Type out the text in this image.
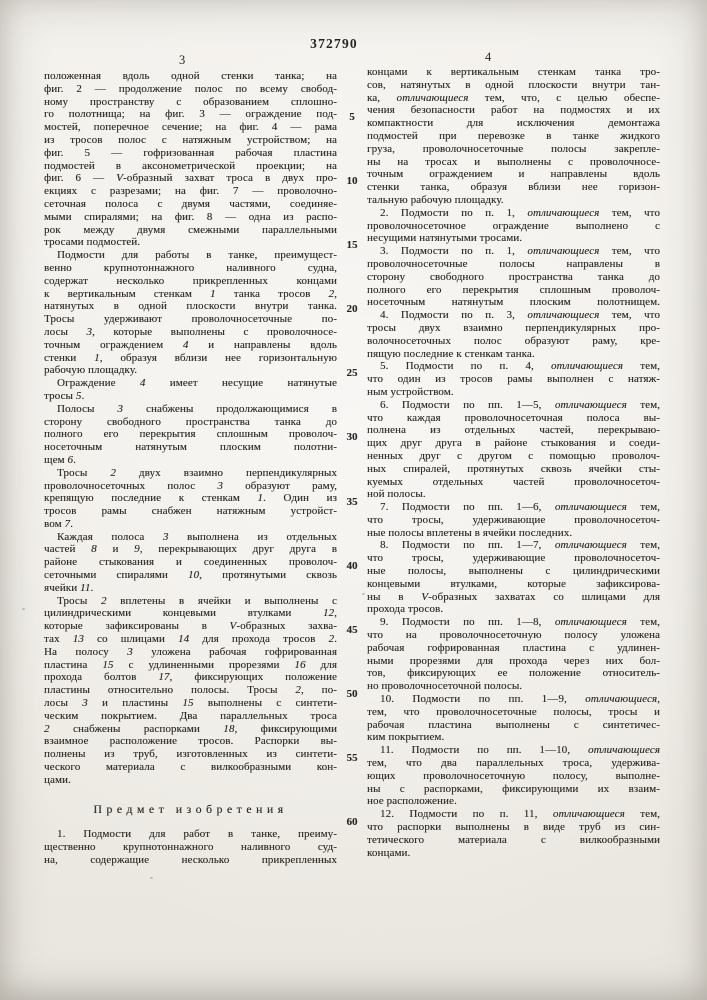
372790
3	4
положенная вдоль одной стенки танка; на
фиг. 2 — продолжение полос по всему свобод-
ному пространству с образованием сплошно-
го полотнища; на фиг. 3 — ограждение под-
мостей, поперечное сечение; на фиг. 4 — рама
из тросов полос с натяжным устройством; на
фиг. 5 — гофризованная рабочая пластина
подмостей в аксонометрической проекции; на
фиг. 6 — V-образный захват троса в двух про-
екциях с разрезами; на фиг. 7 — проволочно-
сеточная полоса с двумя частями, соединяе-
мыми спиралями; на фиг. 8 — одна из распо-
рок между двумя смежными параллельными
тросами подмостей.
Подмости для работы в танке, преимущест-
венно крупнотоннажного наливного судна,
содержат несколько прикрепленных концами
к вертикальным стенкам 1 танка тросов 2,
натянутых в одной плоскости внутри танка.
Тросы удерживают проволочносеточные по-
лосы 3, которые выполнены с проволочносе-
точным ограждением 4 и направлены вдоль
стенки 1, образуя вблизи нее горизонтальную
рабочую площадку.
Ограждение 4 имеет несущие натянутые
тросы 5.
Полосы 3 снабжены продолжающимися в
сторону свободного пространства танка до
полного его перекрытия сплошным проволоч-
носеточным натянутым плоским полотни-
щем 6.
Тросы 2 двух взаимно перпендикулярных
проволочносеточных полос 3 образуют раму,
крепящую последние к стенкам 1. Один из
тросов рамы снабжен натяжным устройст-
вом 7.
Каждая полоса 3 выполнена из отдельных
частей 8 и 9, перекрывающих друг друга в
районе стыкования и соединенных проволоч-
сеточными спиралями 10, протянутыми сквозь
ячейки 11.
Тросы 2 вплетены в ячейки и выполнены с
цилиндрическими концевыми втулками 12,
которые зафиксированы в V-образных захва-
тах 13 со шлицами 14 для прохода тросов 2.
На полосу 3 уложена рабочая гофрированная
пластина 15 с удлиненными прорезями 16 для
прохода болтов 17, фиксирующих положение
пластины относительно полосы. Тросы 2, по-
лосы 3 и пластины 15 выполнены с синтети-
ческим покрытием. Два параллельных троса
2 снабжены распорками 18, фиксирующими
взаимное расположение тросов. Распорки вы-
полнены из труб, изготовленных из синтети-
ческого материала с вилкообразными кон-
цами.
Предмет изобретения
1. Подмости для работ в танке, преиму-
щественно крупнотоннажного наливного суд-
на, содержащие несколько прикрепленных
концами к вертикальным стенкам танка тро-
сов, натянутых в одной плоскости внутри тан-
ка, отличающиеся тем, что, с целью обеспе-
чения безопасности работ на подмостях и их
компактности для исключения демонтажа
подмостей при перевозке в танке жидкого
груза, проволочносеточные полосы закрепле-
ны на тросах и выполнены с проволочносе-
точным ограждением и направлены вдоль
стенки танка, образуя вблизи нее горизон-
тальную рабочую площадку.
2. Подмости по п. 1, отличающиеся тем, что
проволочносеточное ограждение выполнено с
несущими натянутыми тросами.
3. Подмости по п. 1, отличающиеся тем, что
проволочносеточные полосы направлены в
сторону свободного пространства танка до
полного его перекрытия сплошным проволоч-
носеточным натянутым плоским полотнищем.
4. Подмости по п. 3, отличающиеся тем, что
тросы двух взаимно перпендикулярных про-
волочносеточных полос образуют раму, кре-
пящую последние к стенкам танка.
5. Подмости по п. 4, отличающиеся тем,
что один из тросов рамы выполнен с натяж-
ным устройством.
6. Подмости по пп. 1—5, отличающиеся тем,
что каждая проволочносеточная полоса вы-
полнена из отдельных частей, перекрываю-
щих друг друга в районе стыкования и соеди-
ненных друг с другом с помощью проволоч-
ных спиралей, протянутых сквозь ячейки сты-
куемых отдельных частей проволочносеточ-
ной полосы.
7. Подмости по пп. 1—6, отличающиеся тем,
что тросы, удерживающие проволочносеточ-
ные полосы вплетены в ячейки последних.
8. Подмости по пп. 1—7, отличающиеся тем,
что тросы, удерживающие проволочносеточ-
ные полосы, выполнены с цилиндрическими
концевыми втулками, которые зафиксирова-
ны в V-образных захватах со шлицами для
прохода тросов.
9. Подмости по пп. 1—8, отличающиеся тем,
что на проволочносеточную полосу уложена
рабочая гофрированная пластина с удлинен-
ными прорезями для прохода через них бол-
тов, фиксирующих ее положение относитель-
но проволочносеточной полосы.
10. Подмости по пп. 1—9, отличающиеся,
тем, что проволочносеточные полосы, тросы и
рабочая пластина выполнены с синтетичес-
ким покрытием.
11. Подмости по пп. 1—10, отличающиеся
тем, что два параллельных троса, удержива-
ющих проволочносеточную полосу, выполне-
ны с распорками, фиксирующими их взаим-
ное расположение.
12. Подмости по п. 11, отличающиеся тем,
что распорки выполнены в виде труб из син-
тетического материала с вилкообразными
концами.
5
10
15
20
25
30
35
40
45
50
55
60
